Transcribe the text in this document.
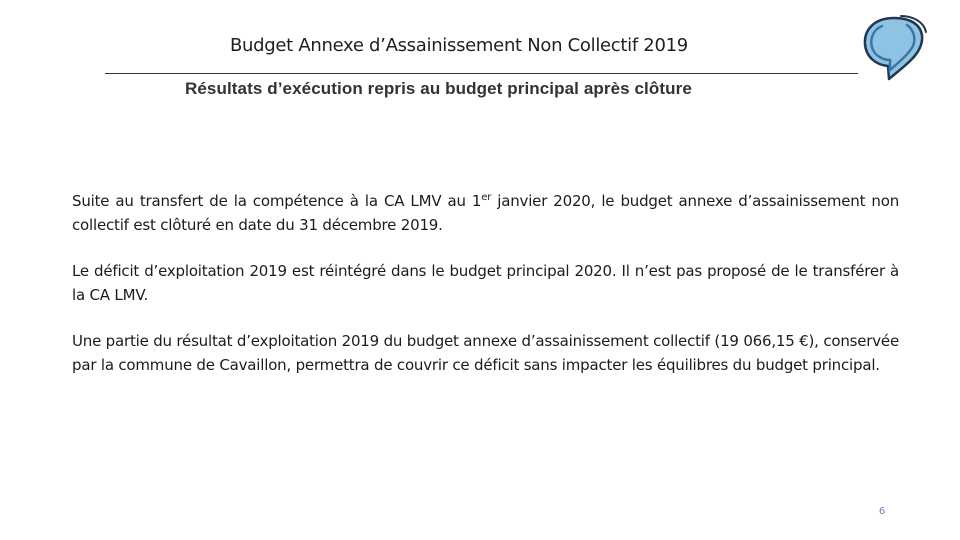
Budget Annexe d’Assainissement Non Collectif 2019
Résultats d’exécution repris au budget principal après clôture

Suite au transfert de la compétence à la CA LMV au 1er janvier 2020, le budget annexe d’assainissement non collectif est clôturé en date du 31 décembre 2019.

Le déficit d’exploitation 2019 est réintégré dans le budget principal 2020. Il n’est pas proposé de le transférer à la CA LMV.

Une partie du résultat d’exploitation 2019 du budget annexe d’assainissement collectif (19 066,15 €), conservée par la commune de Cavaillon, permettra de couvrir ce déficit sans impacter les équilibres du budget principal.

6
